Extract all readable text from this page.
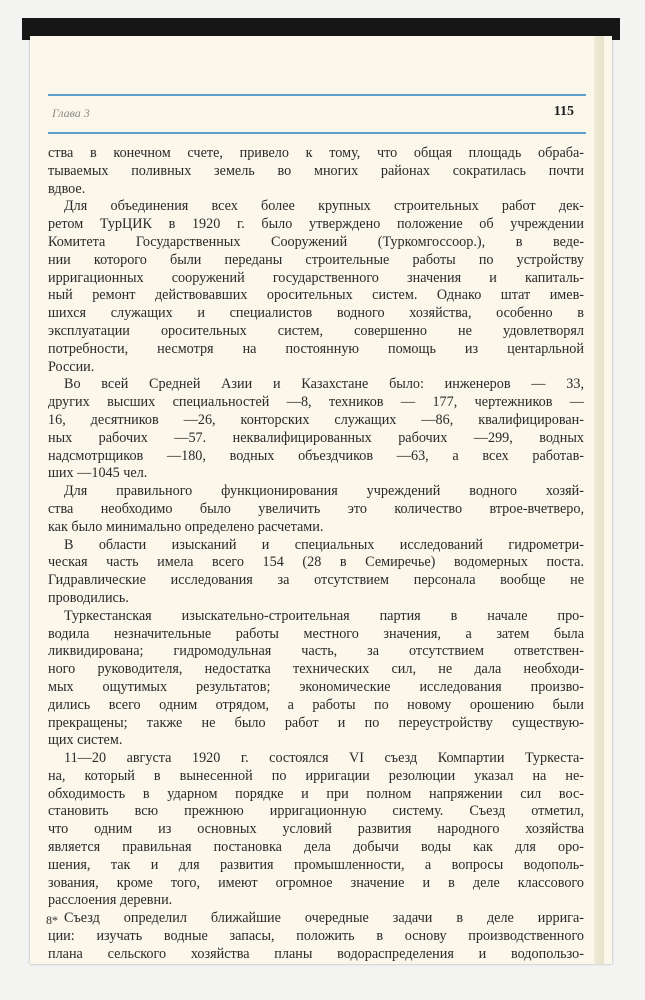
Глава 3	115
ства в конечном счете, привело к тому, что общая площадь обраба-
тываемых поливных земель во многих районах сократилась почти
вдвое.
Для объединения всех более крупных строительных работ дек-
ретом ТурЦИК в 1920 г. было утверждено положение об учреждении
Комитета Государственных Сооружений (Туркомгоссоор.), в веде-
нии которого были переданы строительные работы по устройству
ирригационных сооружений государственного значения и капиталь-
ный ремонт действовавших оросительных систем. Однако штат имев-
шихся служащих и специалистов водного хозяйства, особенно в
эксплуатации оросительных систем, совершенно не удовлетворял
потребности, несмотря на постоянную помощь из центарльной
России.
Во всей Средней Азии и Казахстане было: инженеров — 33,
других высших специальностей —8, техников — 177, чертежников —
16, десятников —26, конторских служащих —86, квалифицирован-
ных рабочих —57. неквалифицированных рабочих —299, водных
надсмотрщиков —180, водных объездчиков —63, а всех работав-
ших —1045 чел.
Для правильного функционирования учреждений водного хозяй-
ства необходимо было увеличить это количество втрое-вчетверо,
как было минимально определено расчетами.
В области изысканий и специальных исследований гидрометри-
ческая часть имела всего 154 (28 в Семиречье) водомерных поста.
Гидравлические исследования за отсутствием персонала вообще не
проводились.
Туркестанская изыскательно-строительная партия в начале про-
водила незначительные работы местного значения, а затем была
ликвидирована; гидромодульная часть, за отсутствием ответствен-
ного руководителя, недостатка технических сил, не дала необходи-
мых ощутимых результатов; экономические исследования произво-
дились всего одним отрядом, а работы по новому орошению были
прекращены; также не было работ и по переустройству существую-
щих систем.
11—20 августа 1920 г. состоялся VI съезд Компартии Туркеста-
на, который в вынесенной по ирригации резолюции указал на не-
обходимость в ударном порядке и при полном напряжении сил вос-
становить всю прежнюю ирригационную систему. Съезд отметил,
что одним из основных условий развития народного хозяйства
является правильная постановка дела добычи воды как для оро-
шения, так и для развития промышленности, а вопросы водополь-
зования, кроме того, имеют огромное значение и в деле классового
расслоения деревни.
Съезд определил ближайшие очередные задачи в деле ирригa-
ции: изучать водные запасы, положить в основу производственного
плана сельского хозяйства планы водораспределения и водопользо-
8*
